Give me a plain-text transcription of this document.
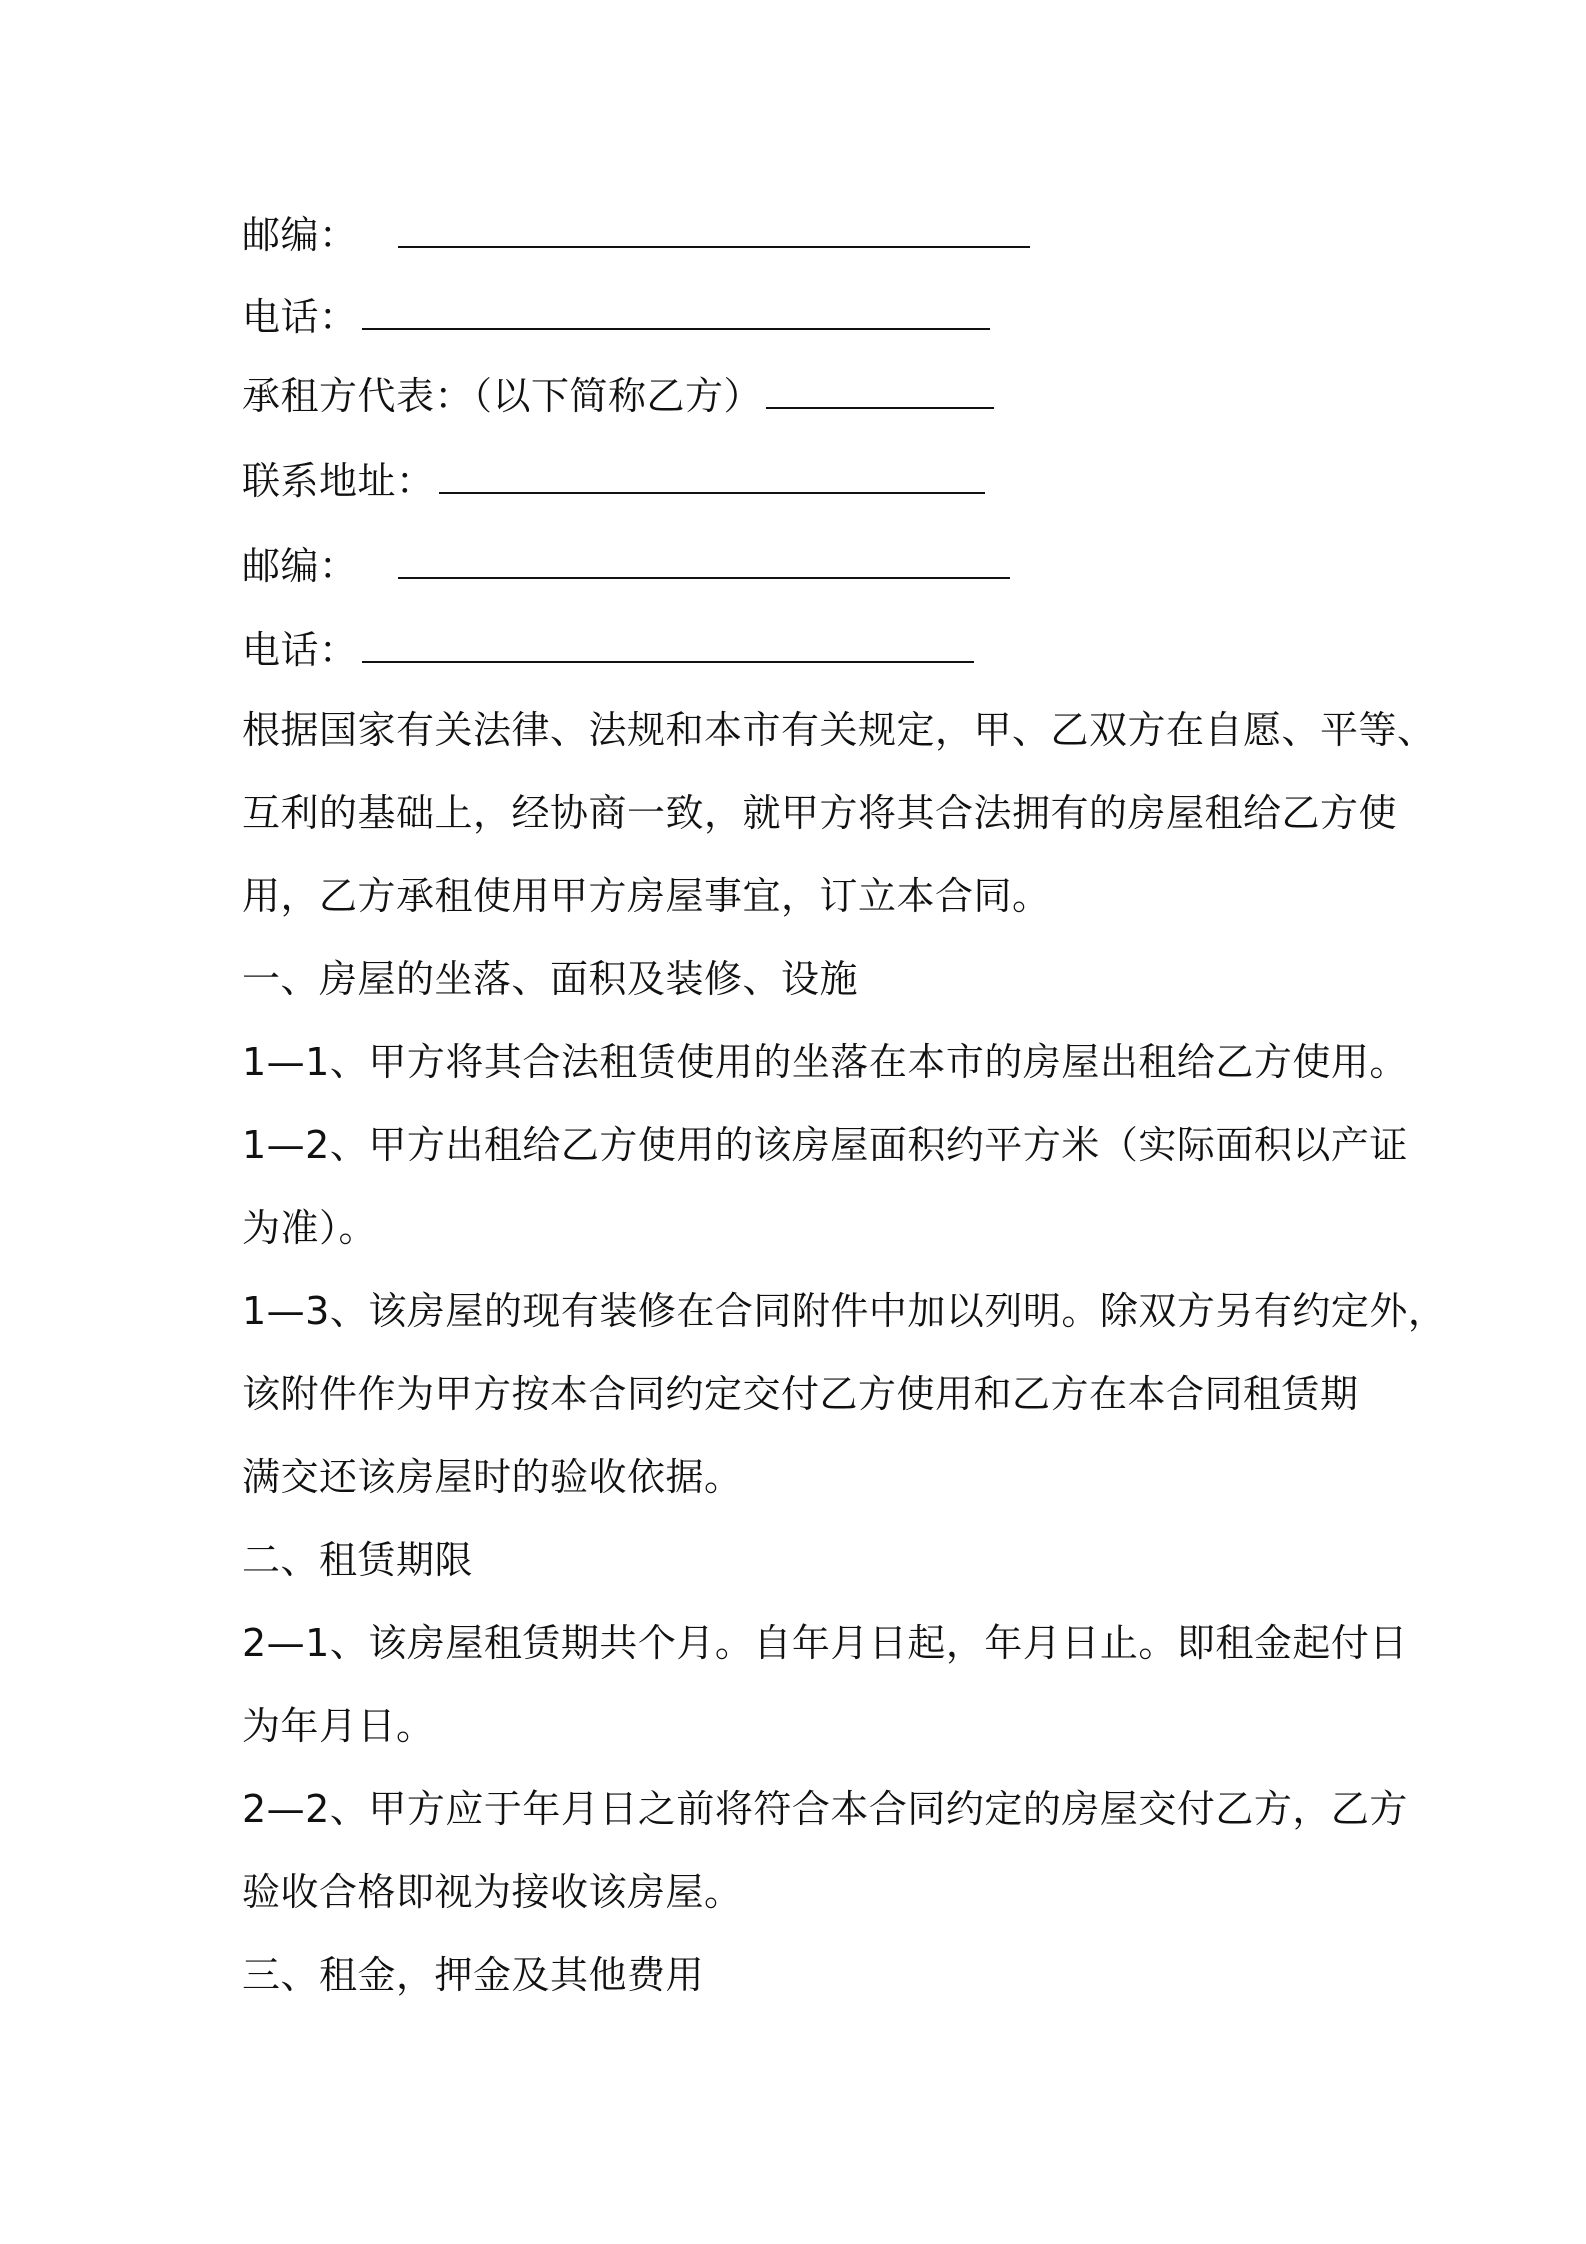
邮编：
电话：
承租方代表：（以下简称乙方）
联系地址：
邮编：
电话：
根据国家有关法律、法规和本市有关规定，甲、乙双方在自愿、平等、
互利的基础上，经协商一致，就甲方将其合法拥有的房屋租给乙方使
用，乙方承租使用甲方房屋事宜，订立本合同。
一、房屋的坐落、面积及装修、设施
1—1、甲方将其合法租赁使用的坐落在本市的房屋出租给乙方使用。
1—2、甲方出租给乙方使用的该房屋面积约平方米（实际面积以产证
为准）。
1—3、该房屋的现有装修在合同附件中加以列明。除双方另有约定外，
该附件作为甲方按本合同约定交付乙方使用和乙方在本合同租赁期
满交还该房屋时的验收依据。
二、租赁期限
2—1、该房屋租赁期共个月。自年月日起，年月日止。即租金起付日
为年月日。
2—2、甲方应于年月日之前将符合本合同约定的房屋交付乙方，乙方
验收合格即视为接收该房屋。
三、租金，押金及其他费用
